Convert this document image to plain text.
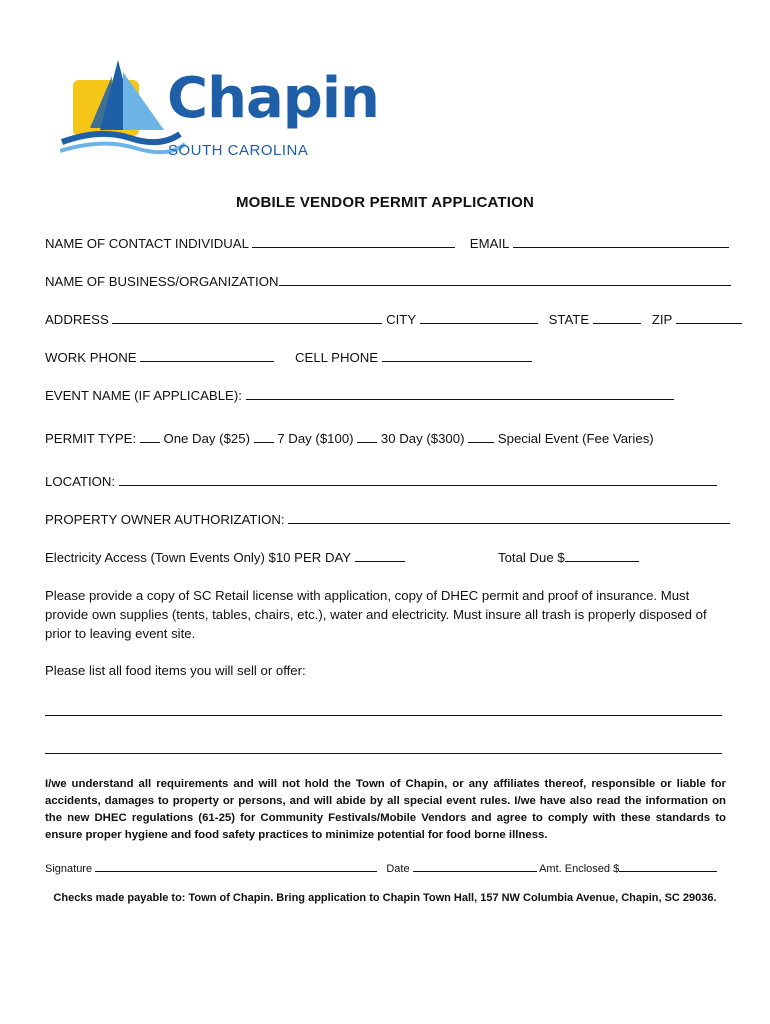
Chapin
SOUTH CAROLINA
MOBILE VENDOR PERMIT APPLICATION
NAME OF CONTACT INDIVIDUAL	EMAIL
NAME OF BUSINESS/ORGANIZATION
ADDRESS	CITY	STATE	ZIP
WORK PHONE	CELL PHONE
EVENT NAME (IF APPLICABLE):
PERMIT TYPE: One Day ($25) 7 Day ($100) 30 Day ($300)	Special Event (Fee Varies)
LOCATION:
PROPERTY OWNER AUTHORIZATION:
Electricity Access (Town Events Only) $10 PER DAY	Total Due $
Please provide a copy of SC Retail license with application, copy of DHEC permit and proof of insurance. Must provide own supplies (tents, tables, chairs, etc.), water and electricity. Must insure all trash is properly disposed of prior to leaving event site.
Please list all food items you will sell or offer:
I/we understand all requirements and will not hold the Town of Chapin, or any affiliates thereof, responsible or liable for accidents, damages to property or persons, and will abide by all special event rules. I/we have also read the information on the new DHEC regulations (61-25) for Community Festivals/Mobile Vendors and agree to comply with these standards to ensure proper hygiene and food safety practices to minimize potential for food borne illness.
Signature	Date	Amt. Enclosed $
Checks made payable to: Town of Chapin. Bring application to Chapin Town Hall, 157 NW Columbia Avenue, Chapin, SC 29036.
